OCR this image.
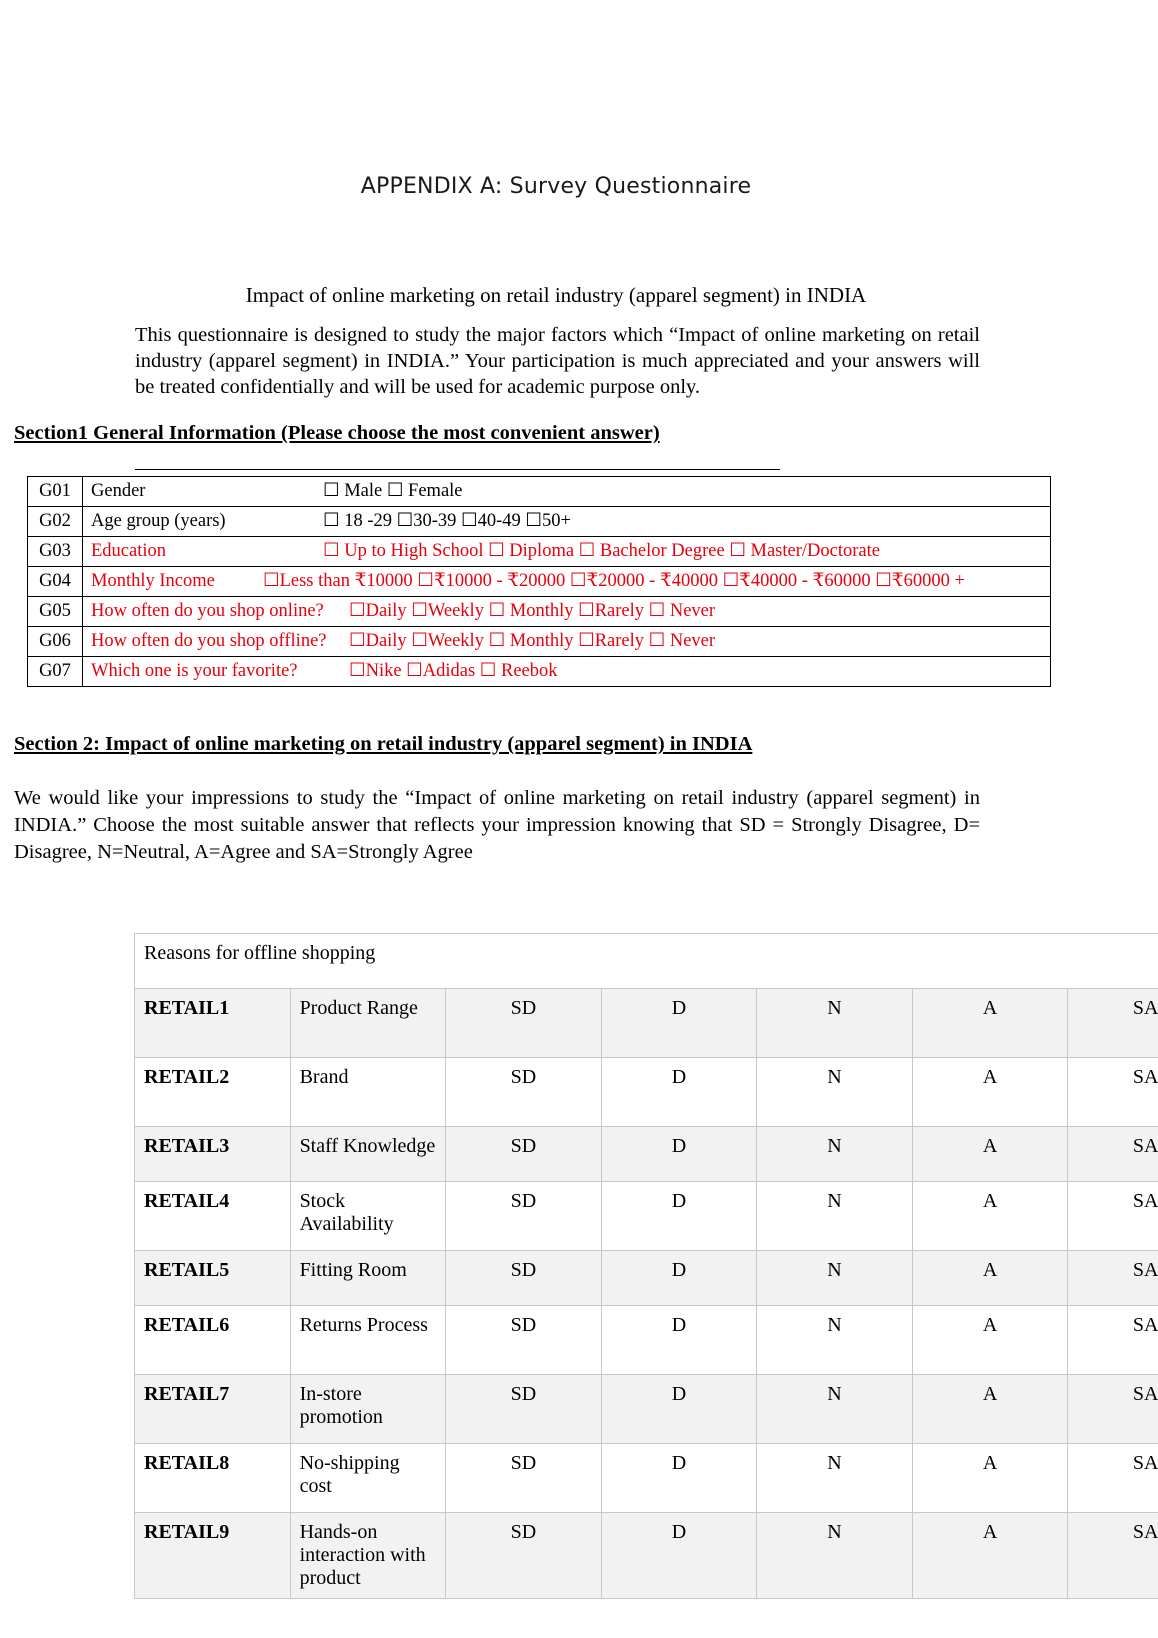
APPENDIX A: Survey Questionnaire
Impact of online marketing on retail industry (apparel segment) in INDIA
This questionnaire is designed to study the major factors which “Impact of online marketing on retail industry (apparel segment) in INDIA.” Your participation is much appreciated and your answers will be treated confidentially and will be used for academic purpose only.
Section1 General Information (Please choose the most convenient answer)
G01	Gender ☐ Male ☐ Female
G02	Age group (years) ☐ 18 -29 ☐30-39 ☐40-49 ☐50+
G03	Education ☐ Up to High School ☐ Diploma ☐ Bachelor Degree ☐ Master/Doctorate
G04	Monthly Income ☐Less than ₹10000 ☐₹10000 - ₹20000 ☐₹20000 - ₹40000 ☐₹40000 - ₹60000 ☐₹60000 +
G05	How often do you shop online? ☐Daily ☐Weekly ☐ Monthly ☐Rarely ☐ Never
G06	How often do you shop offline? ☐Daily ☐Weekly ☐ Monthly ☐Rarely ☐ Never
G07	Which one is your favorite? ☐Nike ☐Adidas ☐ Reebok
Section 2: Impact of online marketing on retail industry (apparel segment) in INDIA
We would like your impressions to study the “Impact of online marketing on retail industry (apparel segment) in INDIA.” Choose the most suitable answer that reflects your impression knowing that SD = Strongly Disagree, D= Disagree, N=Neutral, A=Agree and SA=Strongly Agree
Reasons for offline shopping						
RETAIL1	Product Range	SD	D	N	A	SA
RETAIL2	Brand	SD	D	N	A	SA
RETAIL3	Staff Knowledge	SD	D	N	A	SA
RETAIL4	Stock Availability	SD	D	N	A	SA
RETAIL5	Fitting Room	SD	D	N	A	SA
RETAIL6	Returns Process	SD	D	N	A	SA
RETAIL7	In-store promotion	SD	D	N	A	SA
RETAIL8	No-shipping cost	SD	D	N	A	SA
RETAIL9	Hands-on interaction with product	SD	D	N	A	SA
